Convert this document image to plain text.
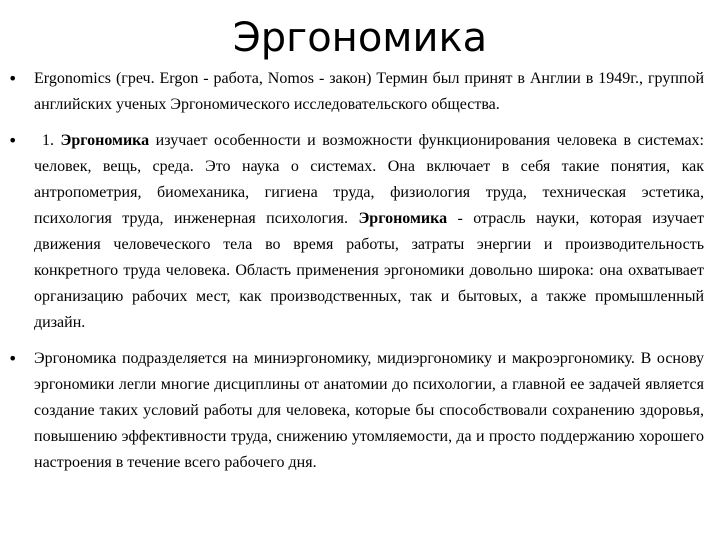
Эргономика
• Ergonomics (греч. Ergon - работа, Nomos - закон) Термин был принят в Англии в 1949г., группой английских ученых Эргономического исследовательского общества.
• 1. Эргономика изучает особенности и возможности функционирования человека в системах: человек, вещь, среда. Это наука о системах. Она включает в себя такие понятия, как антропометрия, биомеханика, гигиена труда, физиология труда, техническая эстетика, психология труда, инженерная психология. Эргономика - отрасль науки, которая изучает движения человеческого тела во время работы, затраты энергии и производительность конкретного труда человека. Область применения эргономики довольно широка: она охватывает организацию рабочих мест, как производственных, так и бытовых, а также промышленный дизайн.
• Эргономика подразделяется на миниэргономику, мидиэргономику и макроэргономику. В основу эргономики легли многие дисциплины от анатомии до психологии, а главной ее задачей является создание таких условий работы для человека, которые бы способствовали сохранению здоровья, повышению эффективности труда, снижению утомляемости, да и просто поддержанию хорошего настроения в течение всего рабочего дня.
